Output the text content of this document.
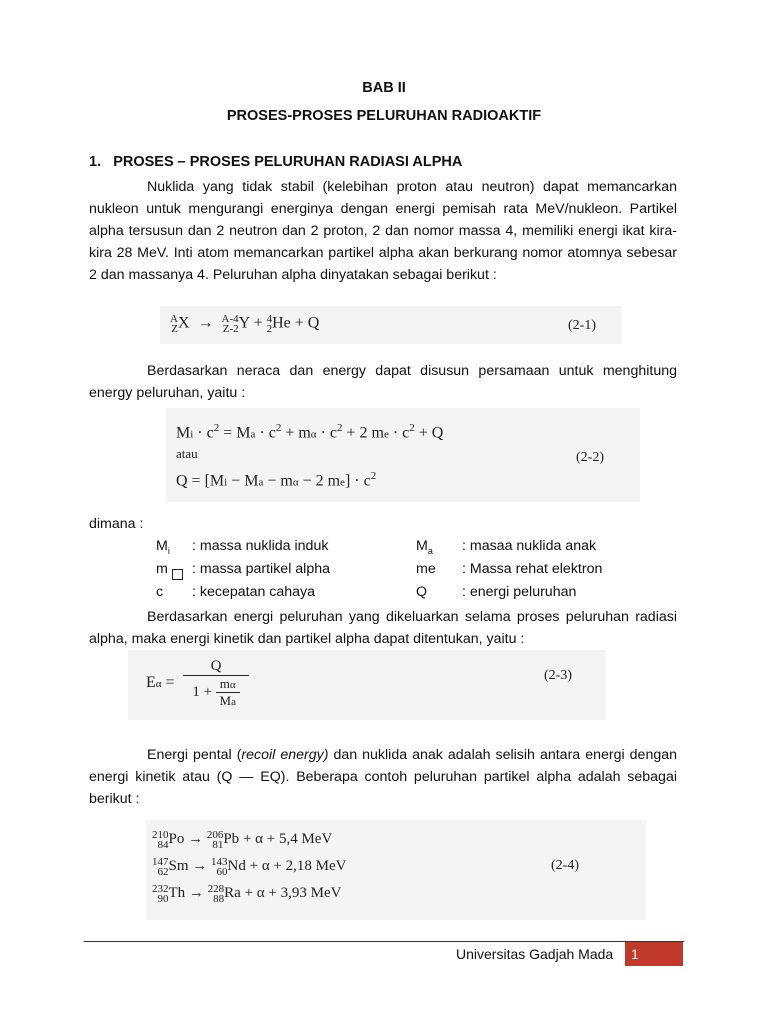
BAB II
PROSES-PROSES PELURUHAN RADIOAKTIF
1. PROSES – PROSES PELURUHAN RADIASI ALPHA
Nuklida yang tidak stabil (kelebihan proton atau neutron) dapat memancarkan
nukleon untuk mengurangi energinya dengan energi pemisah rata MeV/nukleon. Partikel
alpha tersusun dan 2 neutron dan 2 proton, 2 dan nomor massa 4, memiliki energi ikat kira-
kira 28 MeV. Inti atom memancarkan partikel alpha akan berkurang nomor atomnya sebesar
2 dan massanya 4. Peluruhan alpha dinyatakan sebagai berikut :
A
ZX  →  A-4
Z-2Y + 4
2He + Q	(2-1)
Berdasarkan neraca dan energy dapat disusun persamaan untuk menghitung
energy peluruhan, yaitu :
$Mi \cdot c^2 = Ma \cdot c^2 + m\alpha \cdot c^2 + 2$ me · $c^2 + Q$
atau
Q = [Mi − Ma − mα − 2 $me] \cdot c^2$
(2-2)
dimana :
$M_i$ : massa nuklida induk	$M_a$ : masaa nuklida anak
m : massa partikel alpha	me : Massa rehat elektron
c : kecepatan cahaya	Q : energi peluruhan
Berdasarkan energi peluruhan yang dikeluarkan selama proses peluruhan radiasi
alpha, maka energi kinetik dan partikel alpha dapat ditentukan, yaitu :
$E\alpha = \frac{Q}{1 + \frac{m\alpha}{Ma}}$	(2-3)
Energi pental (recoil energy) dan nuklida anak adalah selisih antara energi dengan
energi kinetik atau (Q — EQ). Beberapa contoh peluruhan partikel alpha adalah sebagai
berikut :
210
84Po → 206
81Pb + α + 5,4 MeV
147
62Sm → 143
60Nd + α + 2,18 MeV
232
90Th → 228
88Ra + α + 3,93 MeV
(2-4)
Universitas Gadjah Mada	1
